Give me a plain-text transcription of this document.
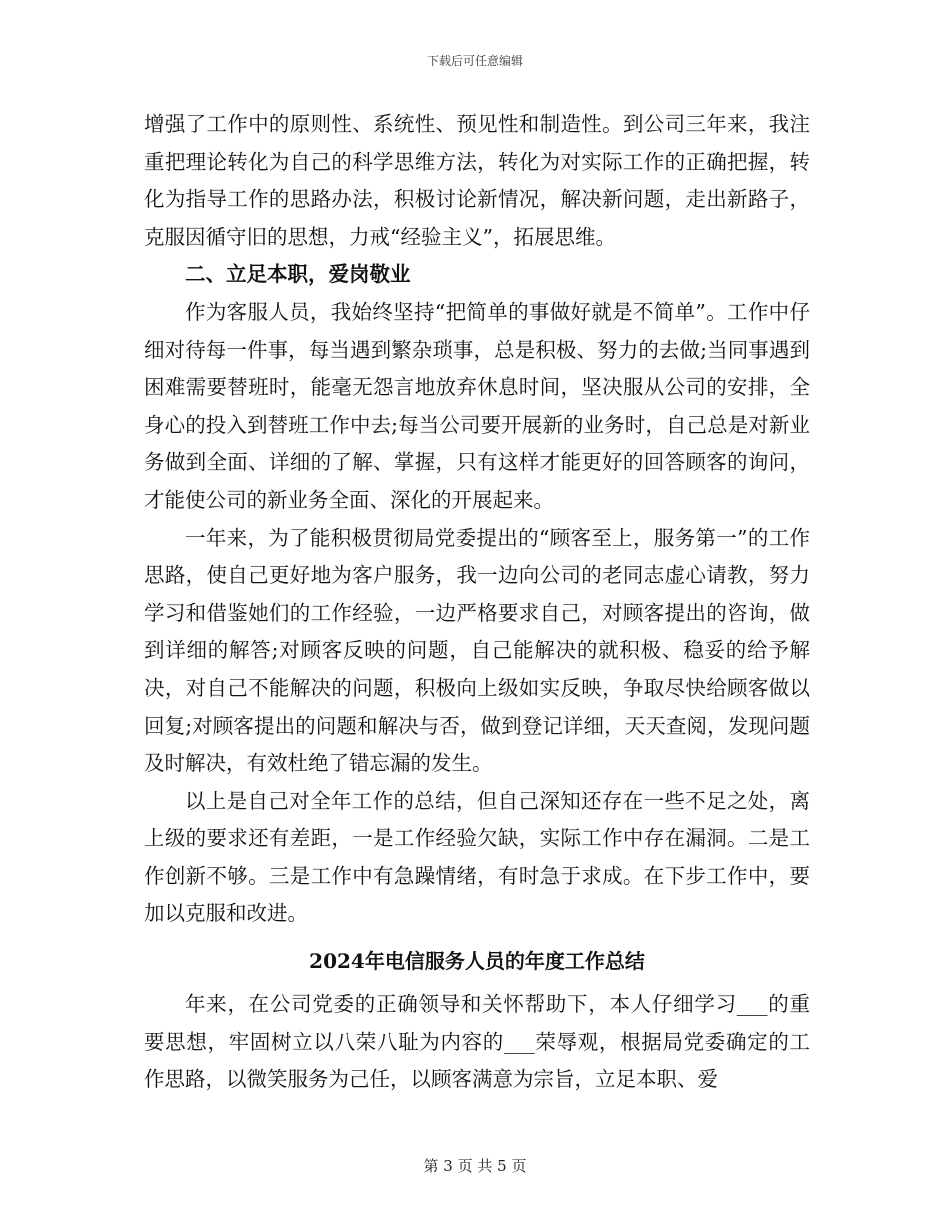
下载后可任意编辑

增强了工作中的原则性、系统性、预见性和制造性。到公司三年来，我注重把理论转化为自己的科学思维方法，转化为对实际工作的正确把握，转化为指导工作的思路办法，积极讨论新情况，解决新问题，走出新路子，克服因循守旧的思想，力戒“经验主义”，拓展思维。

二、立足本职，爱岗敬业

作为客服人员，我始终坚持“把简单的事做好就是不简单”。工作中仔细对待每一件事，每当遇到繁杂琐事，总是积极、努力的去做;当同事遇到困难需要替班时，能毫无怨言地放弃休息时间，坚决服从公司的安排，全身心的投入到替班工作中去;每当公司要开展新的业务时，自己总是对新业务做到全面、详细的了解、掌握，只有这样才能更好的回答顾客的询问，才能使公司的新业务全面、深化的开展起来。

一年来，为了能积极贯彻局党委提出的“顾客至上，服务第一”的工作思路，使自己更好地为客户服务，我一边向公司的老同志虚心请教，努力学习和借鉴她们的工作经验，一边严格要求自己，对顾客提出的咨询，做到详细的解答;对顾客反映的问题，自己能解决的就积极、稳妥的给予解决，对自己不能解决的问题，积极向上级如实反映，争取尽快给顾客做以回复;对顾客提出的问题和解决与否，做到登记详细，天天查阅，发现问题及时解决，有效杜绝了错忘漏的发生。

以上是自己对全年工作的总结，但自己深知还存在一些不足之处，离上级的要求还有差距，一是工作经验欠缺，实际工作中存在漏洞。二是工作创新不够。三是工作中有急躁情绪，有时急于求成。在下步工作中，要加以克服和改进。

2024年电信服务人员的年度工作总结

年来，在公司党委的正确领导和关怀帮助下，本人仔细学习___的重要思想，牢固树立以八荣八耻为内容的___荣辱观，根据局党委确定的工作思路，以微笑服务为己任，以顾客满意为宗旨，立足本职、爱

第 3 页 共 5 页
